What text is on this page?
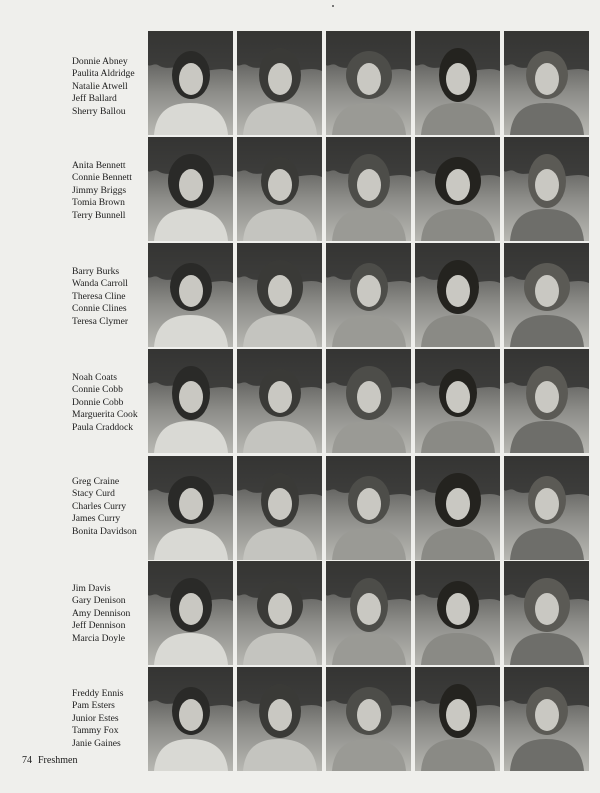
Donnie Abney
Paulita Aldridge
Natalie Atwell
Jeff Ballard
Sherry Ballou
Anita Bennett
Connie Bennett
Jimmy Briggs
Tomia Brown
Terry Bunnell
Barry Burks
Wanda Carroll
Theresa Cline
Connie Clines
Teresa Clymer
Noah Coats
Connie Cobb
Donnie Cobb
Marguerita Cook
Paula Craddock
Greg Craine
Stacy Curd
Charles Curry
James Curry
Bonita Davidson
Jim Davis
Gary Denison
Amy Dennison
Jeff Dennison
Marcia Doyle
Freddy Ennis
Pam Esters
Junior Estes
Tammy Fox
Janie Gaines
74 Freshmen
